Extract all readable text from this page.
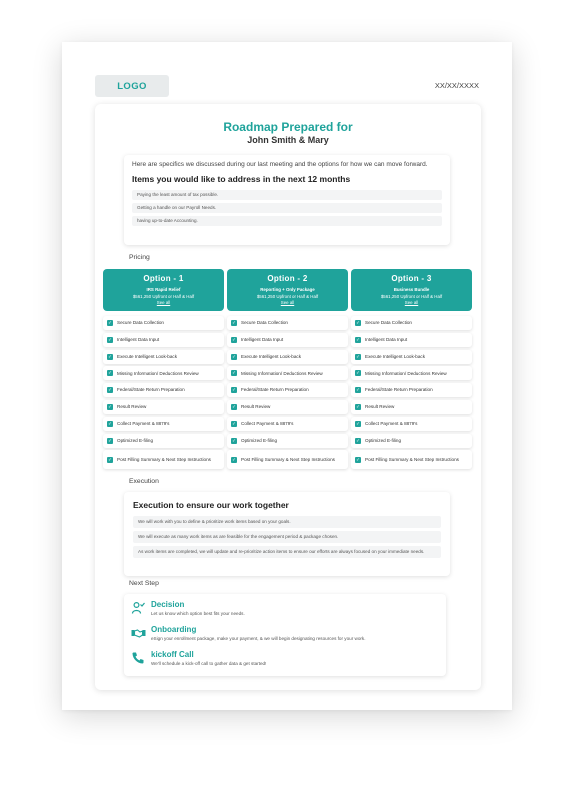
LOGO	XX/XX/XXXX
Roadmap Prepared for
John Smith & Mary
Here are specifics we discussed during our last meeting and the options for how we can move forward.
Items you would like to address in the next 12 months
Paying the least amount of tax possible.
Getting a handle on our Payroll Needs.
having up-to-date Accounting.
Pricing
Option - 1
IRS Rapid Relief
$561,250 Upfront or Half & Half
See all
Option - 2
Reporting + Only Package
$561,250 Upfront or Half & Half
See all
Option - 3
Business Bundle
$561,250 Upfront or Half & Half
See all
✓ Secure Data Collection
✓ Intelligent Data Input
✓ Execute Intelligent Look-back
✓ Missing Information/ Deductions Review
✓ Federal/State Return Preparation
✓ Result Review
✓ Collect Payment & 8879's
✓ Optimized E-filing
✓ Post Filling Summary & Next Step Instructions
✓ Secure Data Collection
✓ Intelligent Data Input
✓ Execute Intelligent Look-back
✓ Missing Information/ Deductions Review
✓ Federal/State Return Preparation
✓ Result Review
✓ Collect Payment & 8879's
✓ Optimized E-filing
✓ Post Filling Summary & Next Step Instructions
✓ Secure Data Collection
✓ Intelligent Data Input
✓ Execute Intelligent Look-back
✓ Missing Information/ Deductions Review
✓ Federal/State Return Preparation
✓ Result Review
✓ Collect Payment & 8879's
✓ Optimized E-filing
✓ Post Filling Summary & Next Step Instructions
Execution
Execution to ensure our work together
We will work with you to define & prioritize work items based on your goals.
We will execute as many work items as are feasible for the engagement period & package chosen.
As work items are completed, we will update and re-prioritize action items to ensure our efforts are always focused on your immediate needs.
Next Step
Decision
Let us know which option best fits your needs.
Onboarding
eSign your enrollment package, make your payment, & we will begin designating resources for your work.
kickoff Call
We'll schedule a kick-off call to gather data & get started!
